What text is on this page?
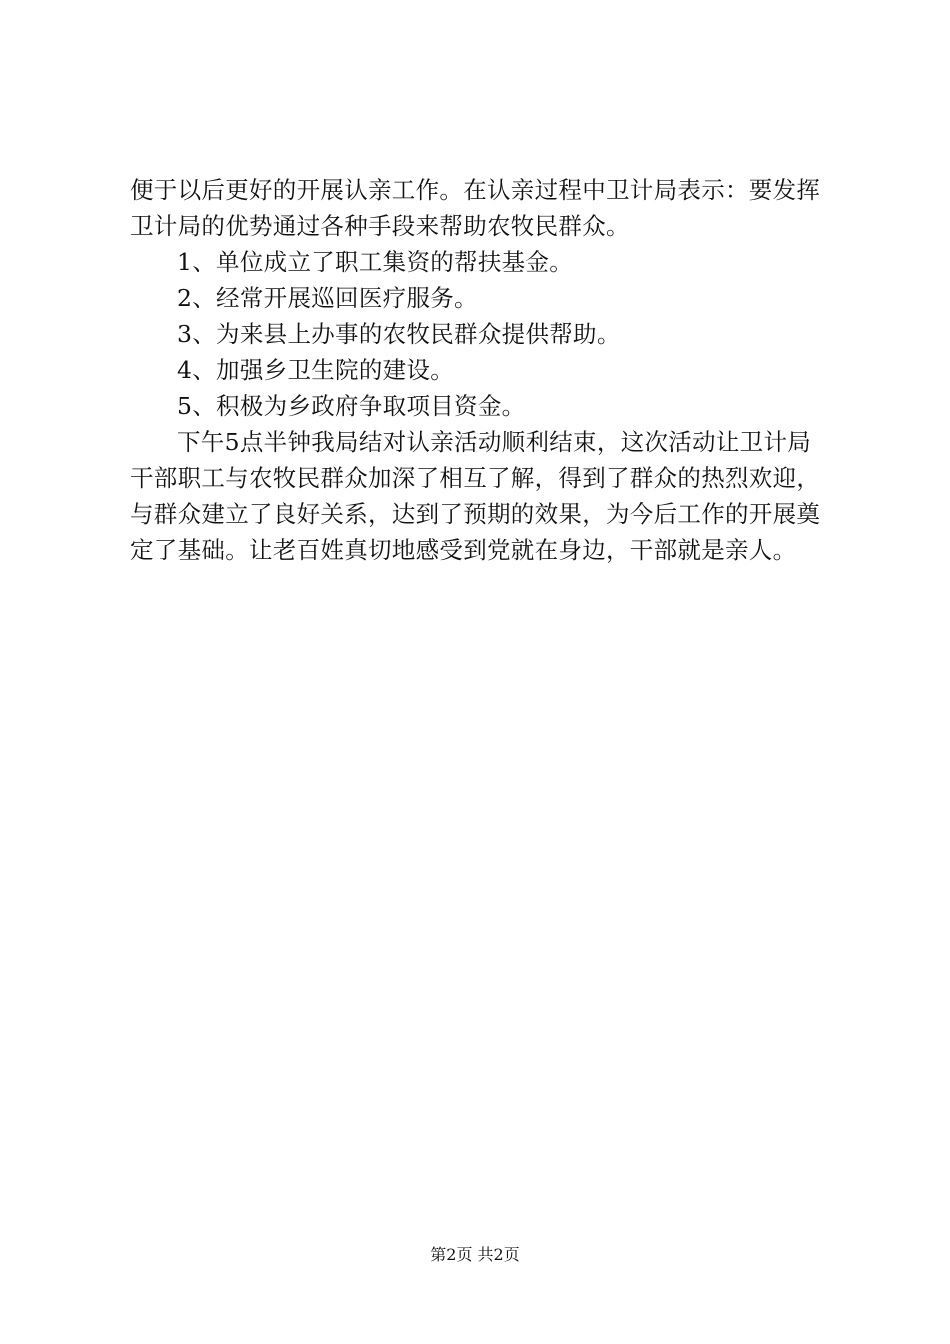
便于以后更好的开展认亲工作。在认亲过程中卫计局表示：要发挥卫计局的优势通过各种手段来帮助农牧民群众。

1、单位成立了职工集资的帮扶基金。

2、经常开展巡回医疗服务。

3、为来县上办事的农牧民群众提供帮助。

4、加强乡卫生院的建设。

5、积极为乡政府争取项目资金。

下午5点半钟我局结对认亲活动顺利结束，这次活动让卫计局干部职工与农牧民群众加深了相互了解，得到了群众的热烈欢迎，与群众建立了良好关系，达到了预期的效果，为今后工作的开展奠定了基础。让老百姓真切地感受到党就在身边，干部就是亲人。

第2页 共2页
